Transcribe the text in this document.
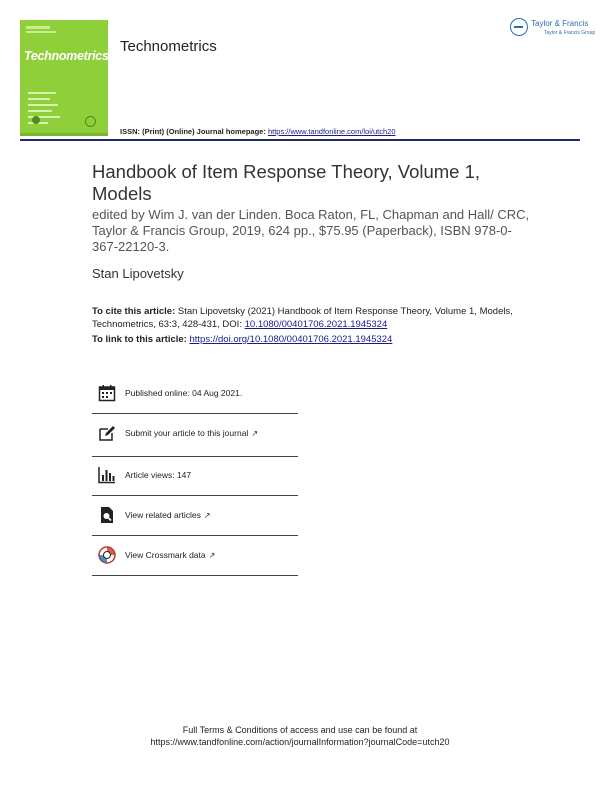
Technometrics
Technometrics
Taylor & Francis
Taylor & Francis Group
ISSN: (Print) (Online) Journal homepage: https://www.tandfonline.com/loi/utch20
Handbook of Item Response Theory, Volume 1, Models
edited by Wim J. van der Linden. Boca Raton, FL, Chapman and Hall/ CRC, Taylor & Francis Group, 2019, 624 pp., $75.95 (Paperback), ISBN 978-0-367-22120-3.
Stan Lipovetsky
To cite this article: Stan Lipovetsky (2021) Handbook of Item Response Theory, Volume 1, Models, Technometrics, 63:3, 428-431, DOI: 10.1080/00401706.2021.1945324
To link to this article: https://doi.org/10.1080/00401706.2021.1945324
Published online: 04 Aug 2021.
Submit your article to this journal ↗
Article views: 147
View related articles ↗
View Crossmark data ↗
Full Terms & Conditions of access and use can be found at
https://www.tandfonline.com/action/journalInformation?journalCode=utch20
